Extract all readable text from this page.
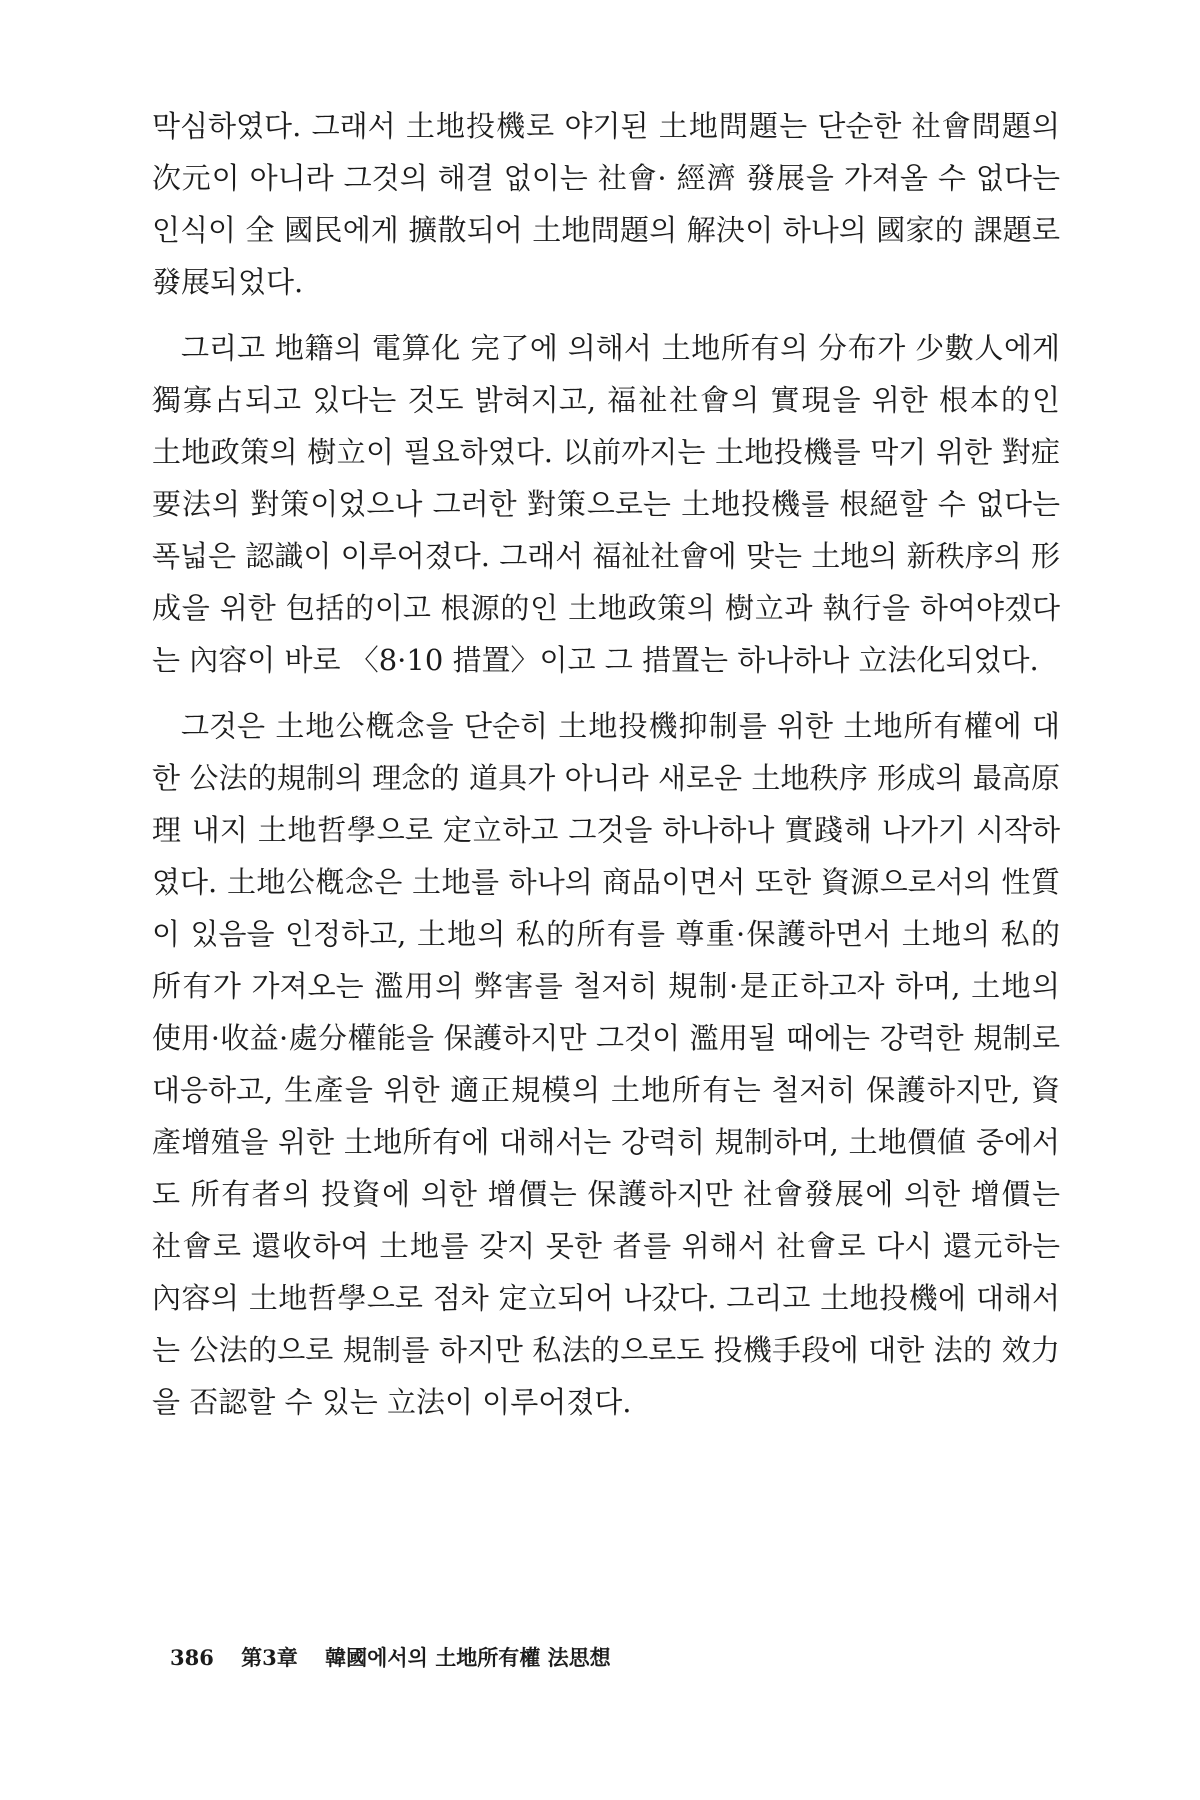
막심하였다. 그래서 土地投機로 야기된 土地問題는 단순한 社會問題의 次元이 아니라 그것의 해결 없이는 社會· 經濟 發展을 가져올 수 없다는 인식이 全 國民에게 擴散되어 土地問題의 解決이 하나의 國家的 課題로 發展되었다.

그리고 地籍의 電算化 完了에 의해서 土地所有의 分布가 少數人에게 獨寡占되고 있다는 것도 밝혀지고, 福祉社會의 實現을 위한 根本的인 土地政策의 樹立이 필요하였다. 以前까지는 土地投機를 막기 위한 對症要法의 對策이었으나 그러한 對策으로는 土地投機를 根絕할 수 없다는 폭넓은 認識이 이루어졌다. 그래서 福祉社會에 맞는 土地의 新秩序의 形成을 위한 包括的이고 根源的인 土地政策의 樹立과 執行을 하여야겠다는 內容이 바로 〈8·10 措置〉이고 그 措置는 하나하나 立法化되었다.

그것은 土地公槪念을 단순히 土地投機抑制를 위한 土地所有權에 대한 公法的規制의 理念的 道具가 아니라 새로운 土地秩序 形成의 最高原理 내지 土地哲學으로 定立하고 그것을 하나하나 實踐해 나가기 시작하였다. 土地公槪念은 土地를 하나의 商品이면서 또한 資源으로서의 性質이 있음을 인정하고, 土地의 私的所有를 尊重·保護하면서 土地의 私的所有가 가져오는 濫用의 弊害를 철저히 規制·是正하고자 하며, 土地의 使用·收益·處分權能을 保護하지만 그것이 濫用될 때에는 강력한 規制로 대응하고, 生產을 위한 適正規模의 土地所有는 철저히 保護하지만, 資產增殖을 위한 土地所有에 대해서는 강력히 規制하며, 土地價値 중에서도 所有者의 投資에 의한 增價는 保護하지만 社會發展에 의한 增價는 社會로 還收하여 土地를 갖지 못한 者를 위해서 社會로 다시 還元하는 內容의 土地哲學으로 점차 定立되어 나갔다. 그리고 土地投機에 대해서는 公法的으로 規制를 하지만 私法的으로도 投機手段에 대한 法的 效力을 否認할 수 있는 立法이 이루어졌다.

386 第3章 韓國에서의 土地所有權 法思想
